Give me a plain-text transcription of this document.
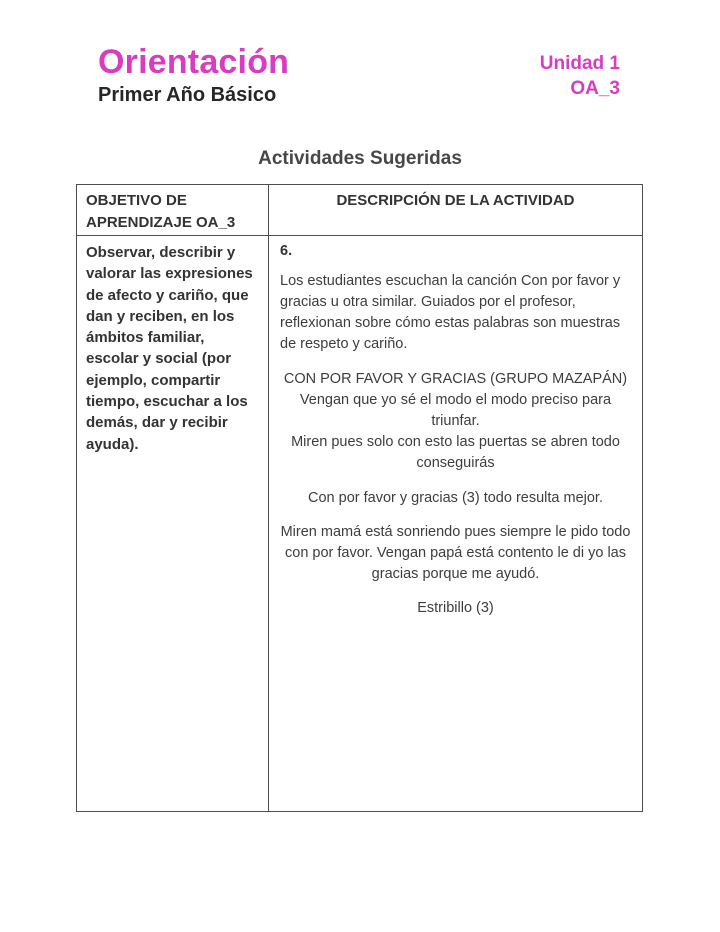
Orientación
Primer Año Básico
Unidad 1
OA_3
Actividades Sugeridas
OBJETIVO DE APRENDIZAJE OA_3
DESCRIPCIÓN DE LA ACTIVIDAD
Observar, describir y valorar las expresiones de afecto y cariño, que dan y reciben, en los ámbitos familiar, escolar y social (por ejemplo, compartir tiempo, escuchar a los demás, dar y recibir ayuda).
6.
Los estudiantes escuchan la canción Con por favor y gracias u otra similar. Guiados por el profesor, reflexionan sobre cómo estas palabras son muestras de respeto y cariño.
CON POR FAVOR Y GRACIAS (GRUPO MAZAPÁN)
Vengan que yo sé el modo el modo preciso para triunfar.
Miren pues solo con esto las puertas se abren todo conseguirás
Con por favor y gracias (3) todo resulta mejor.
Miren mamá está sonriendo pues siempre le pido todo con por favor. Vengan papá está contento le di yo las gracias porque me ayudó.
Estribillo (3)
